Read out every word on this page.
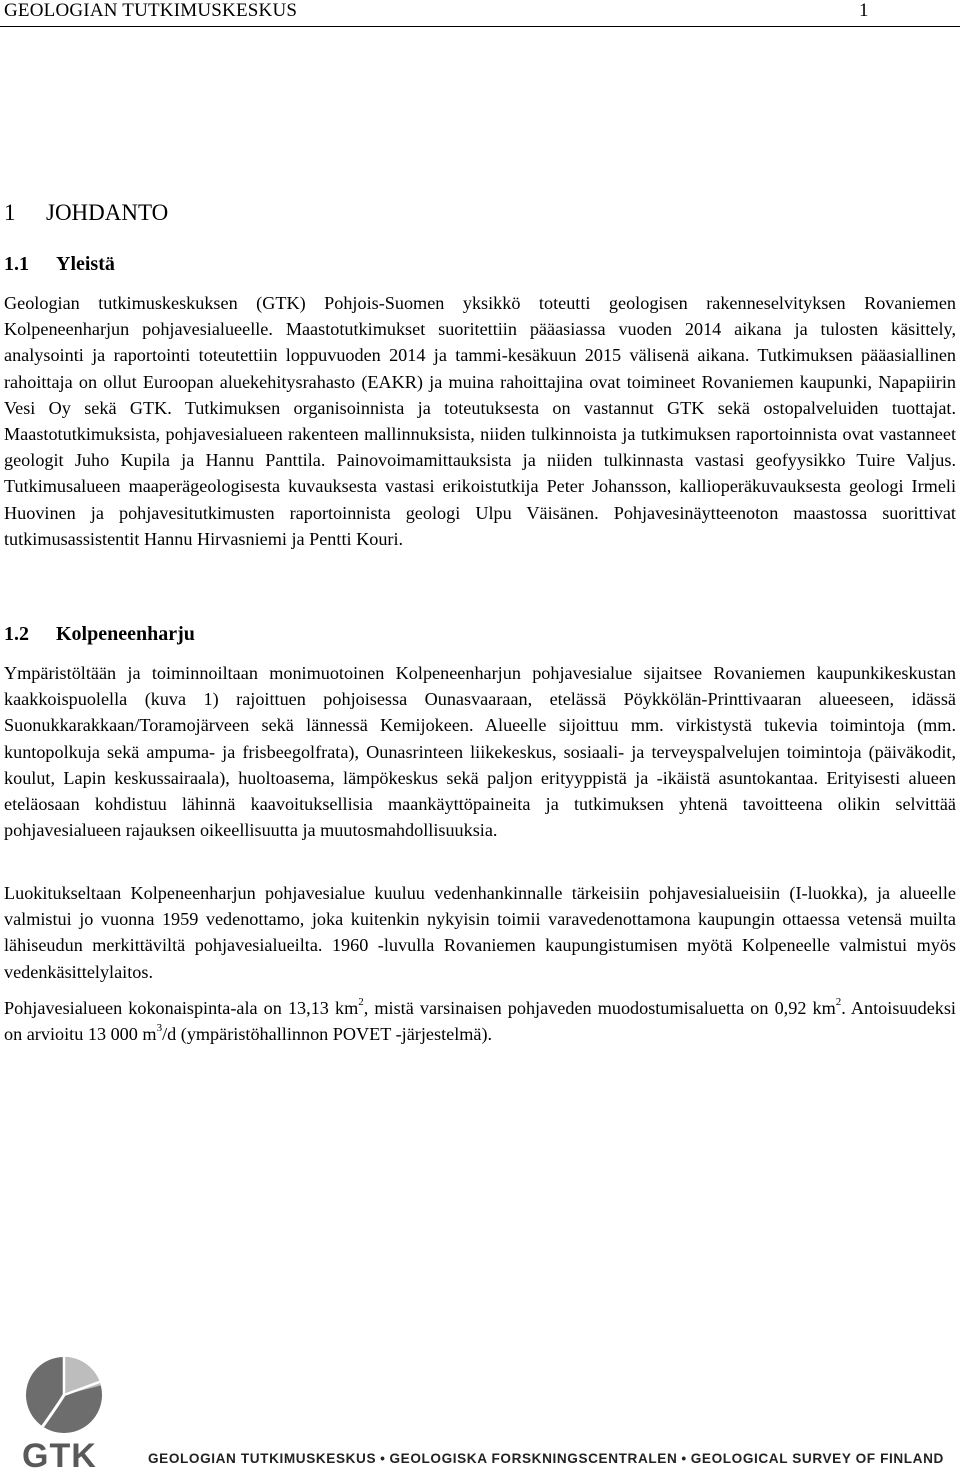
GEOLOGIAN TUTKIMUSKESKUS	1
1 JOHDANTO
1.1 Yleistä

Geologian tutkimuskeskuksen (GTK) Pohjois-Suomen yksikkö toteutti geologisen rakenneselvityksen Rovaniemen Kolpeneenharjun pohjavesialueelle. Maastotutkimukset suoritettiin pääasiassa vuoden 2014 aikana ja tulosten käsittely, analysointi ja raportointi toteutettiin loppuvuoden 2014 ja tammi-kesäkuun 2015 välisenä aikana. Tutkimuksen pääasiallinen rahoittaja on ollut Euroopan aluekehitysrahasto (EAKR) ja muina rahoittajina ovat toimineet Rovaniemen kaupunki, Napapiirin Vesi Oy sekä GTK. Tutkimuksen organisoinnista ja toteutuksesta on vastannut GTK sekä ostopalveluiden tuottajat. Maastotutkimuksista, pohjavesialueen rakenteen mallinnuksista, niiden tulkinnoista ja tutkimuksen raportoinnista ovat vastanneet geologit Juho Kupila ja Hannu Panttila. Painovoimamittauksista ja niiden tulkinnasta vastasi geofyysikko Tuire Valjus. Tutkimusalueen maaperägeologisesta kuvauksesta vastasi erikoistutkija Peter Johansson, kallioperäkuvauksesta geologi Irmeli Huovinen ja pohjavesitutkimusten raportoinnista geologi Ulpu Väisänen. Pohjavesinäytteenoton maastossa suorittivat tutkimusassistentit Hannu Hirvasniemi ja Pentti Kouri.

1.2 Kolpeneenharju

Ympäristöltään ja toiminnoiltaan monimuotoinen Kolpeneenharjun pohjavesialue sijaitsee Rovaniemen kaupunkikeskustan kaakkoispuolella (kuva 1) rajoittuen pohjoisessa Ounasvaaraan, etelässä Pöykkölän-Printtivaaran alueeseen, idässä Suonukkarakkaan/Toramojärveen sekä lännessä Kemijokeen. Alueelle sijoittuu mm. virkistystä tukevia toimintoja (mm. kuntopolkuja sekä ampuma- ja frisbeegolfrata), Ounasrinteen liikekeskus, sosiaali- ja terveyspalvelujen toimintoja (päiväkodit, koulut, Lapin keskussairaala), huoltoasema, lämpökeskus sekä paljon erityyppistä ja -ikäistä asuntokantaa. Erityisesti alueen eteläosaan kohdistuu lähinnä kaavoituksellisia maankäyttöpaineita ja tutkimuksen yhtenä tavoitteena olikin selvittää pohjavesialueen rajauksen oikeellisuutta ja muutosmahdollisuuksia.

Luokitukseltaan Kolpeneenharjun pohjavesialue kuuluu vedenhankinnalle tärkeisiin pohjavesialueisiin (I-luokka), ja alueelle valmistui jo vuonna 1959 vedenottamo, joka kuitenkin nykyisin toimii varavedenottamona kaupungin ottaessa vetensä muilta lähiseudun merkittäviltä pohjavesialueilta. 1960 -luvulla Rovaniemen kaupungistumisen myötä Kolpeneelle valmistui myös vedenkäsittelylaitos.

Pohjavesialueen kokonaispinta-ala on 13,13 $km^2$, mistä varsinaisen pohjaveden muodostumisaluetta on 0,92 $km^2$. Antoisuudeksi on arvioitu 13 000 $m^3/d$ (ympäristöhallinnon POVET -järjestelmä).

GTK	GEOLOGIAN TUTKIMUSKESKUS • GEOLOGISKA FORSKNINGSCENTRALEN • GEOLOGICAL SURVEY OF FINLAND
